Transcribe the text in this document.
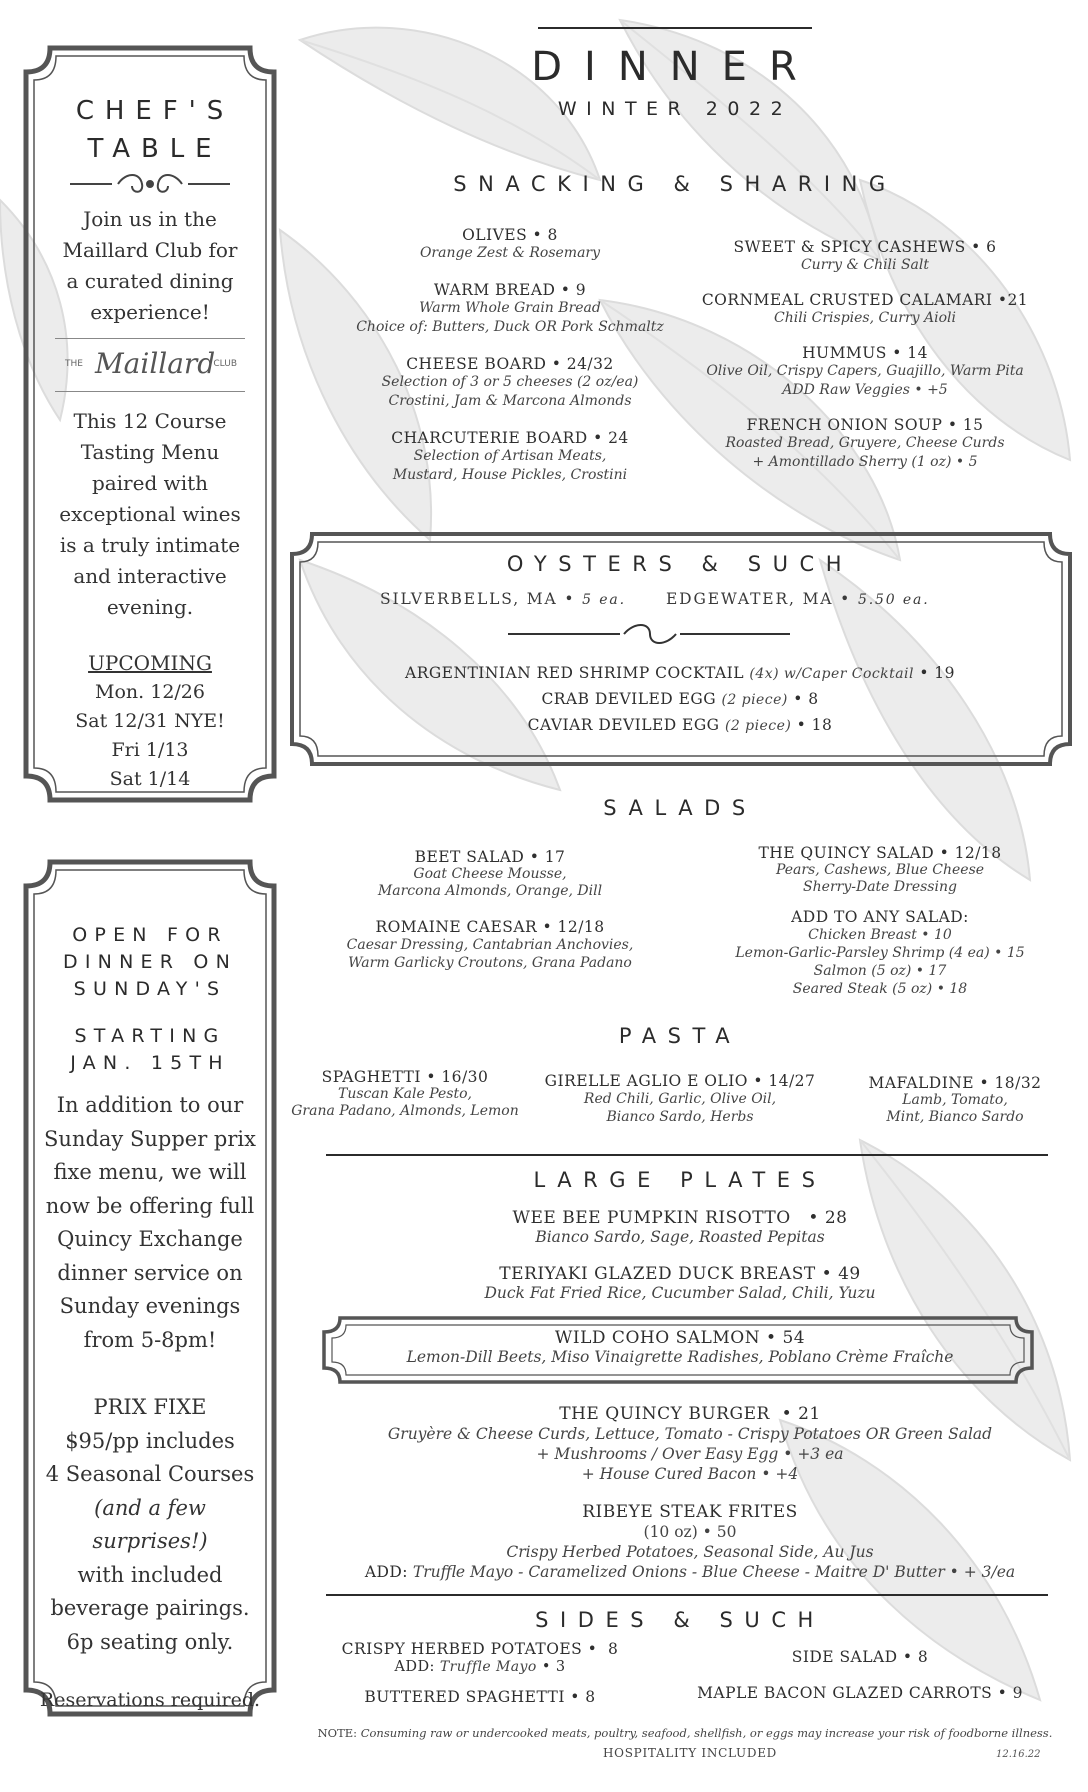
DINNER
WINTER 2022
CHEF'S
TABLE
Join us in the
Maillard Club for
a curated dining
experience!
THE Maillard
CLUB
This 12 Course
Tasting Menu
paired with
exceptional wines
is a truly intimate
and interactive
evening.
UPCOMING
Mon. 12/26
Sat 12/31 NYE!
Fri 1/13
Sat 1/14
OPEN FOR
DINNER ON
SUNDAY'S
STARTING
JAN. 15TH
In addition to our
Sunday Supper prix
fixe menu, we will
now be offering full
Quincy Exchange
dinner service on
Sunday evenings
from 5-8pm!
PRIX FIXE
$95/pp includes
4 Seasonal Courses
(and a few surprises!)
with included
beverage pairings.
6p seating only.
Reservations required.
SNACKING & SHARING
OLIVES • 8
Orange Zest & Rosemary
WARM BREAD • 9
Warm Whole Grain Bread
Choice of: Butters, Duck OR Pork Schmaltz
CHEESE BOARD • 24/32
Selection of 3 or 5 cheeses (2 oz/ea)
Crostini, Jam & Marcona Almonds
CHARCUTERIE BOARD • 24
Selection of Artisan Meats,
Mustard, House Pickles, Crostini
SWEET & SPICY CASHEWS • 6
Curry & Chili Salt
CORNMEAL CRUSTED CALAMARI •21
Chili Crispies, Curry Aioli
HUMMUS • 14
Olive Oil, Crispy Capers, Guajillo, Warm Pita
ADD Raw Veggies • +5
FRENCH ONION SOUP • 15
Roasted Bread, Gruyere, Cheese Curds
+ Amontillado Sherry (1 oz) • 5
OYSTERS & SUCH
SILVERBELLS, MA • 5 ea.	EDGEWATER, MA • 5.50 ea.
ARGENTINIAN RED SHRIMP COCKTAIL (4x) w/Caper Cocktail • 19
CRAB DEVILED EGG (2 piece) • 8
CAVIAR DEVILED EGG (2 piece) • 18
SALADS
BEET SALAD • 17
Goat Cheese Mousse,
Marcona Almonds, Orange, Dill
ROMAINE CAESAR • 12/18
Caesar Dressing, Cantabrian Anchovies,
Warm Garlicky Croutons, Grana Padano
THE QUINCY SALAD • 12/18
Pears, Cashews, Blue Cheese
Sherry-Date Dressing
ADD TO ANY SALAD:
Chicken Breast • 10
Lemon-Garlic-Parsley Shrimp (4 ea) • 15
Salmon (5 oz) • 17
Seared Steak (5 oz) • 18
PASTA
SPAGHETTI • 16/30
Tuscan Kale Pesto,
Grana Padano, Almonds, Lemon
GIRELLE AGLIO E OLIO • 14/27
Red Chili, Garlic, Olive Oil,
Bianco Sardo, Herbs
MAFALDINE • 18/32
Lamb, Tomato,
Mint, Bianco Sardo
LARGE PLATES
WEE BEE PUMPKIN RISOTTO   • 28
Bianco Sardo, Sage, Roasted Pepitas
TERIYAKI GLAZED DUCK BREAST • 49
Duck Fat Fried Rice, Cucumber Salad, Chili, Yuzu
WILD COHO SALMON • 54
Lemon-Dill Beets, Miso Vinaigrette Radishes, Poblano Crème Fraîche
THE QUINCY BURGER  • 21
Gruyère & Cheese Curds, Lettuce, Tomato - Crispy Potatoes OR Green Salad
+ Mushrooms / Over Easy Egg • +3 ea
+ House Cured Bacon • +4
RIBEYE STEAK FRITES
(10 oz) • 50
Crispy Herbed Potatoes, Seasonal Side, Au Jus
ADD: Truffle Mayo - Caramelized Onions - Blue Cheese - Maitre D' Butter • + 3/ea
SIDES & SUCH
CRISPY HERBED POTATOES •  8
ADD: Truffle Mayo • 3
BUTTERED SPAGHETTI • 8
SIDE SALAD • 8
MAPLE BACON GLAZED CARROTS • 9
NOTE: Consuming raw or undercooked meats, poultry, seafood, shellfish, or eggs may increase your risk of foodborne illness.
HOSPITALITY INCLUDED	12.16.22
